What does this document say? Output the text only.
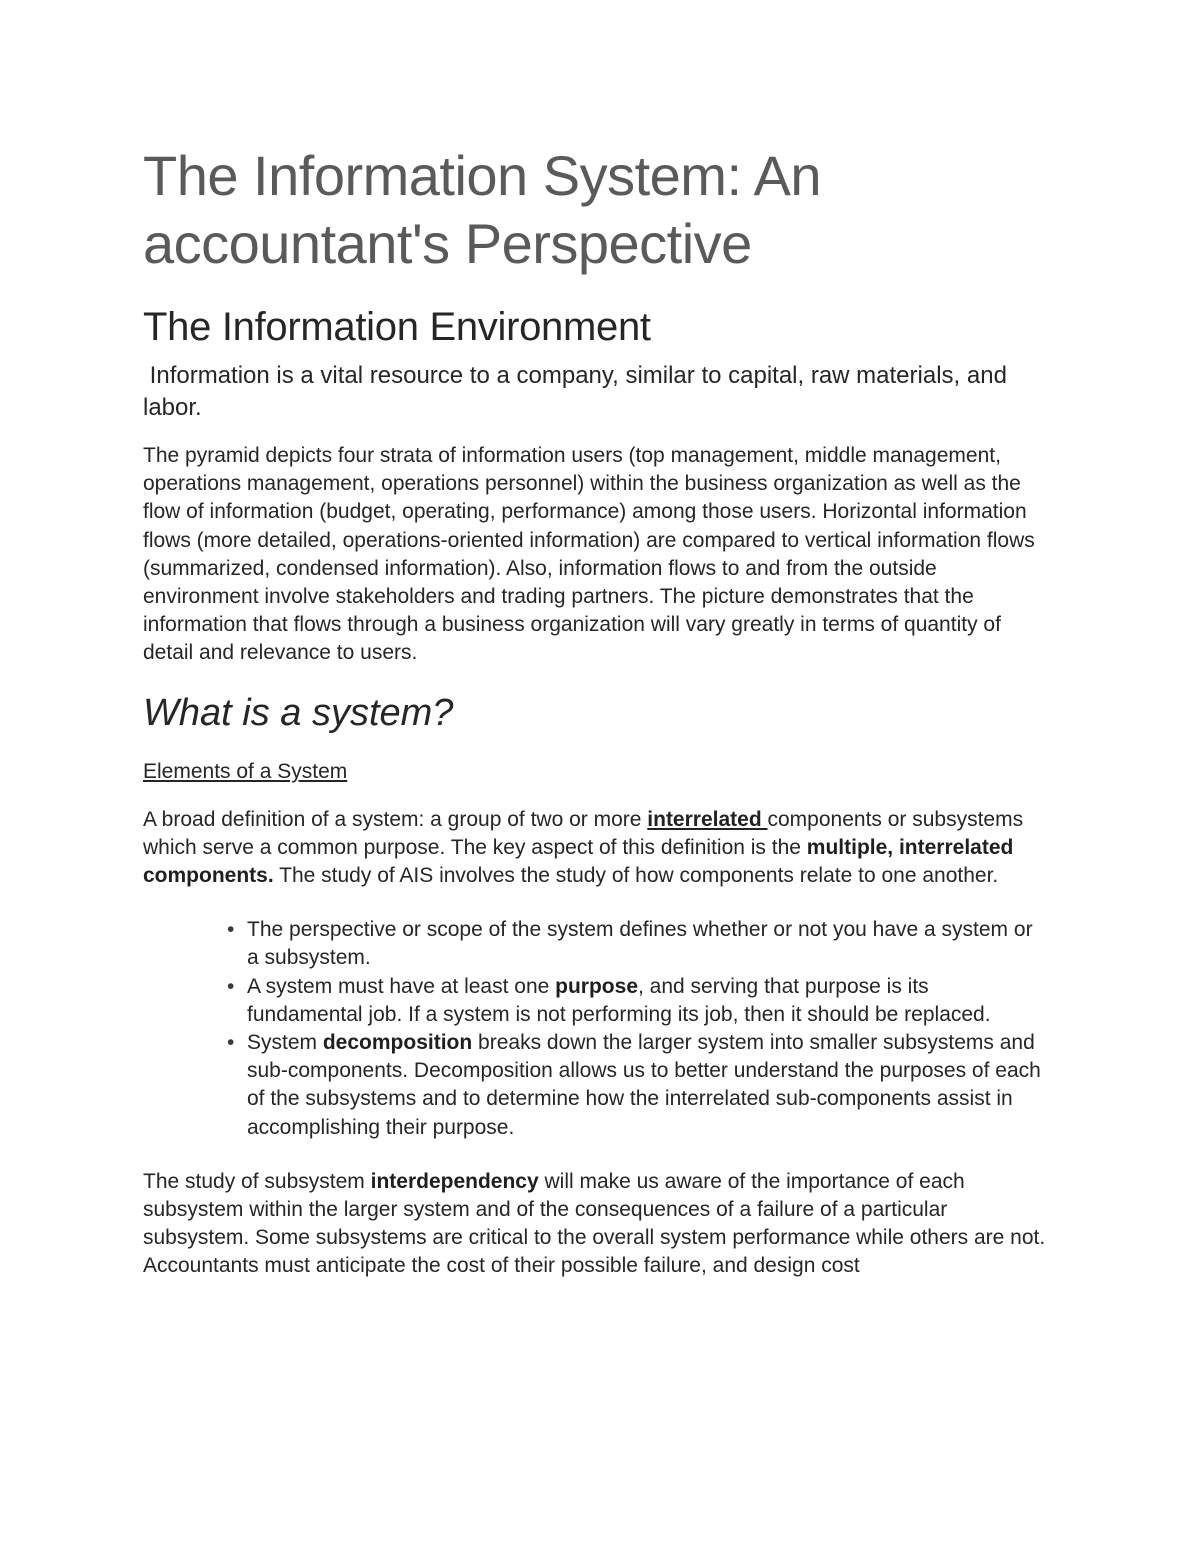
The Information System: An accountant's Perspective
The Information Environment

Information is a vital resource to a company, similar to capital, raw materials, and labor.

The pyramid depicts four strata of information users (top management, middle management, operations management, operations personnel) within the business organization as well as the flow of information (budget, operating, performance) among those users. Horizontal information flows (more detailed, operations-oriented information) are compared to vertical information flows (summarized, condensed information). Also, information flows to and from the outside environment involve stakeholders and trading partners. The picture demonstrates that the information that flows through a business organization will vary greatly in terms of quantity of detail and relevance to users.

What is a system?

Elements of a System

A broad definition of a system: a group of two or more interrelated components or subsystems which serve a common purpose. The key aspect of this definition is the multiple, interrelated components. The study of AIS involves the study of how components relate to one another.

• The perspective or scope of the system defines whether or not you have a system or a subsystem.
• A system must have at least one purpose, and serving that purpose is its fundamental job. If a system is not performing its job, then it should be replaced.
• System decomposition breaks down the larger system into smaller subsystems and sub-components. Decomposition allows us to better understand the purposes of each of the subsystems and to determine how the interrelated sub-components assist in accomplishing their purpose.

The study of subsystem interdependency will make us aware of the importance of each subsystem within the larger system and of the consequences of a failure of a particular subsystem. Some subsystems are critical to the overall system performance while others are not. Accountants must anticipate the cost of their possible failure, and design cost
